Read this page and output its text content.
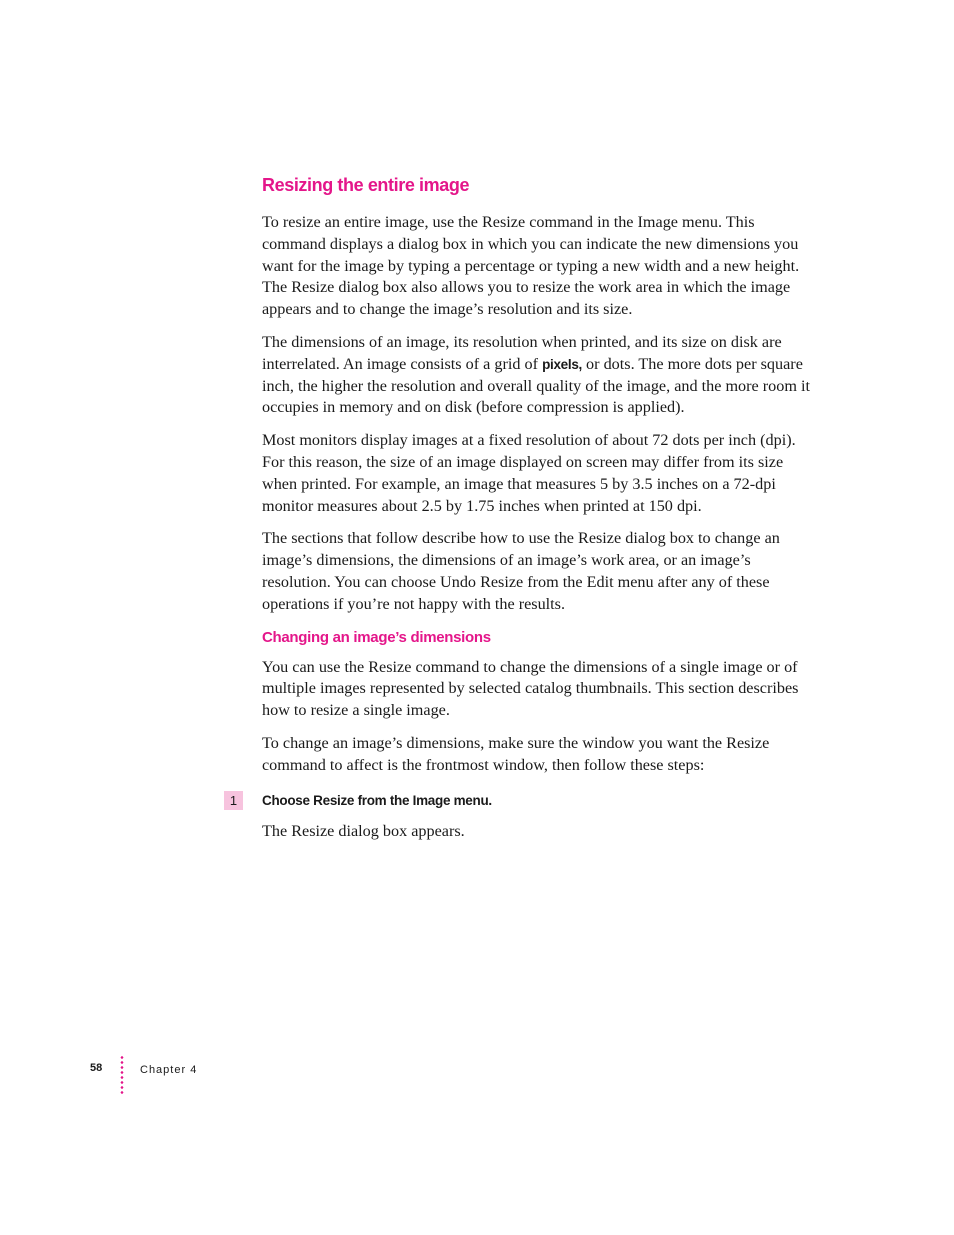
Resizing the entire image

To resize an entire image, use the Resize command in the Image menu. This command displays a dialog box in which you can indicate the new dimensions you want for the image by typing a percentage or typing a new width and a new height. The Resize dialog box also allows you to resize the work area in which the image appears and to change the image’s resolution and its size.

The dimensions of an image, its resolution when printed, and its size on disk are interrelated. An image consists of a grid of pixels, or dots. The more dots per square inch, the higher the resolution and overall quality of the image, and the more room it occupies in memory and on disk (before compression is applied).

Most monitors display images at a fixed resolution of about 72 dots per inch (dpi). For this reason, the size of an image displayed on screen may differ from its size when printed. For example, an image that measures 5 by 3.5 inches on a 72-dpi monitor measures about 2.5 by 1.75 inches when printed at 150 dpi.

The sections that follow describe how to use the Resize dialog box to change an image’s dimensions, the dimensions of an image’s work area, or an image’s resolution. You can choose Undo Resize from the Edit menu after any of these operations if you’re not happy with the results.

Changing an image’s dimensions

You can use the Resize command to change the dimensions of a single image or of multiple images represented by selected catalog thumbnails. This section describes how to resize a single image.

To change an image’s dimensions, make sure the window you want the Resize command to affect is the frontmost window, then follow these steps:

1	Choose Resize from the Image menu.

The Resize dialog box appears.

58	Chapter 4
